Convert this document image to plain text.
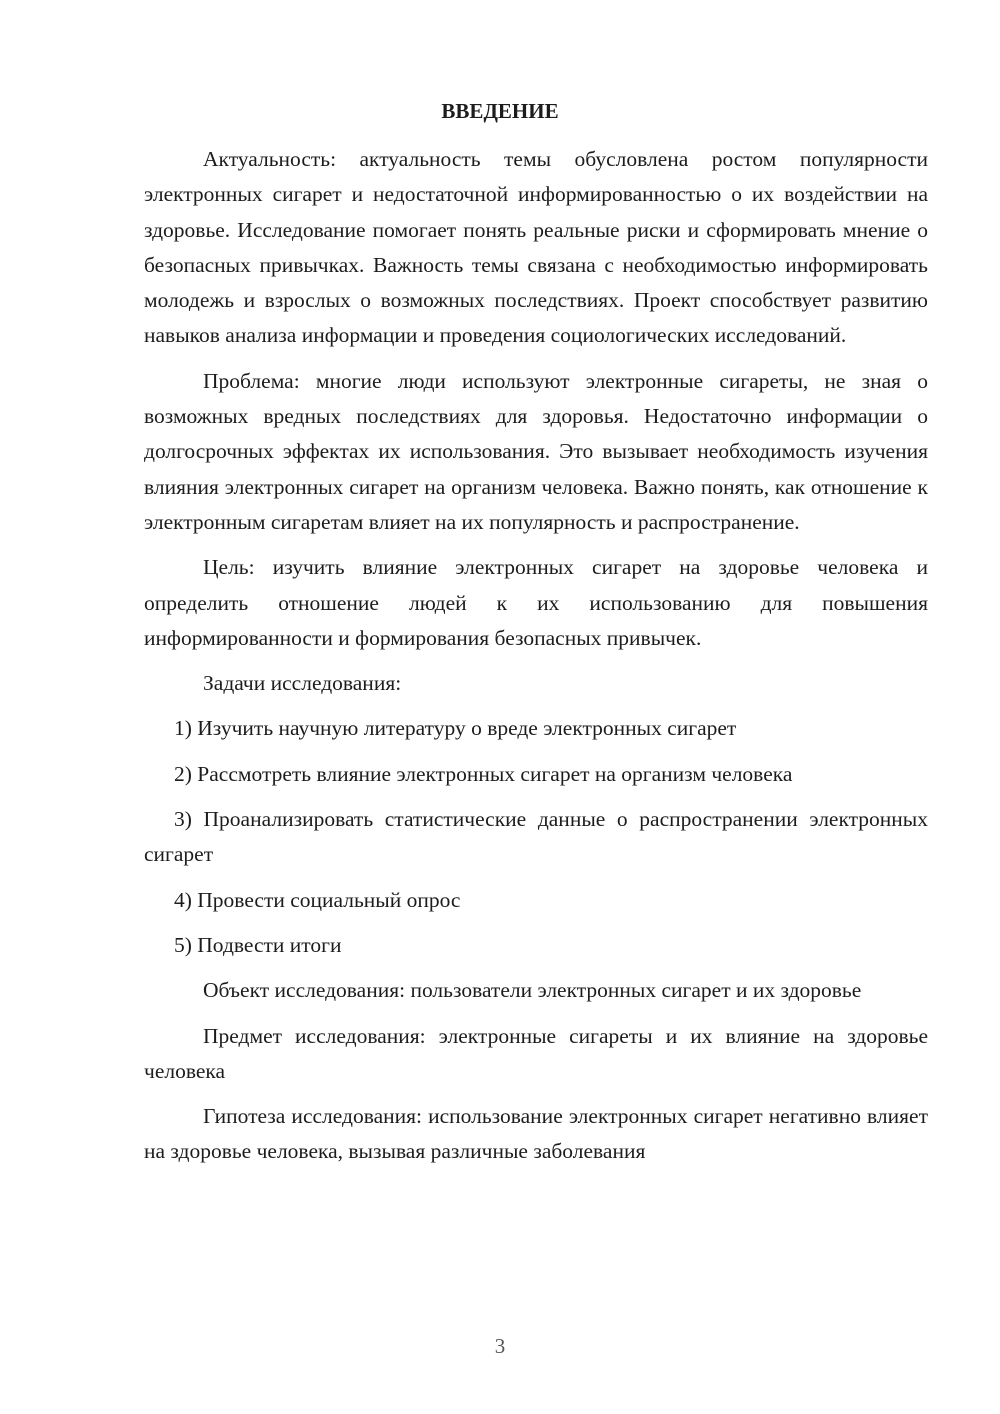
ВВЕДЕНИЕ

Актуальность: актуальность темы обусловлена ростом популярности электронных сигарет и недостаточной информированностью о их воздействии на здоровье. Исследование помогает понять реальные риски и сформировать мнение о безопасных привычках. Важность темы связана с необходимостью информировать молодежь и взрослых о возможных последствиях. Проект способствует развитию навыков анализа информации и проведения социологических исследований.

Проблема: многие люди используют электронные сигареты, не зная о возможных вредных последствиях для здоровья. Недостаточно информации о долгосрочных эффектах их использования. Это вызывает необходимость изучения влияния электронных сигарет на организм человека. Важно понять, как отношение к электронным сигаретам влияет на их популярность и распространение.

Цель: изучить влияние электронных сигарет на здоровье человека и определить отношение людей к их использованию для повышения информированности и формирования безопасных привычек.

Задачи исследования:

1) Изучить научную литературу о вреде электронных сигарет

2) Рассмотреть влияние электронных сигарет на организм человека

3) Проанализировать статистические данные о распространении электронных сигарет

4) Провести социальный опрос

5) Подвести итоги

Объект исследования: пользователи электронных сигарет и их здоровье

Предмет исследования: электронные сигареты и их влияние на здоровье человека

Гипотеза исследования: использование электронных сигарет негативно влияет на здоровье человека, вызывая различные заболевания

3
